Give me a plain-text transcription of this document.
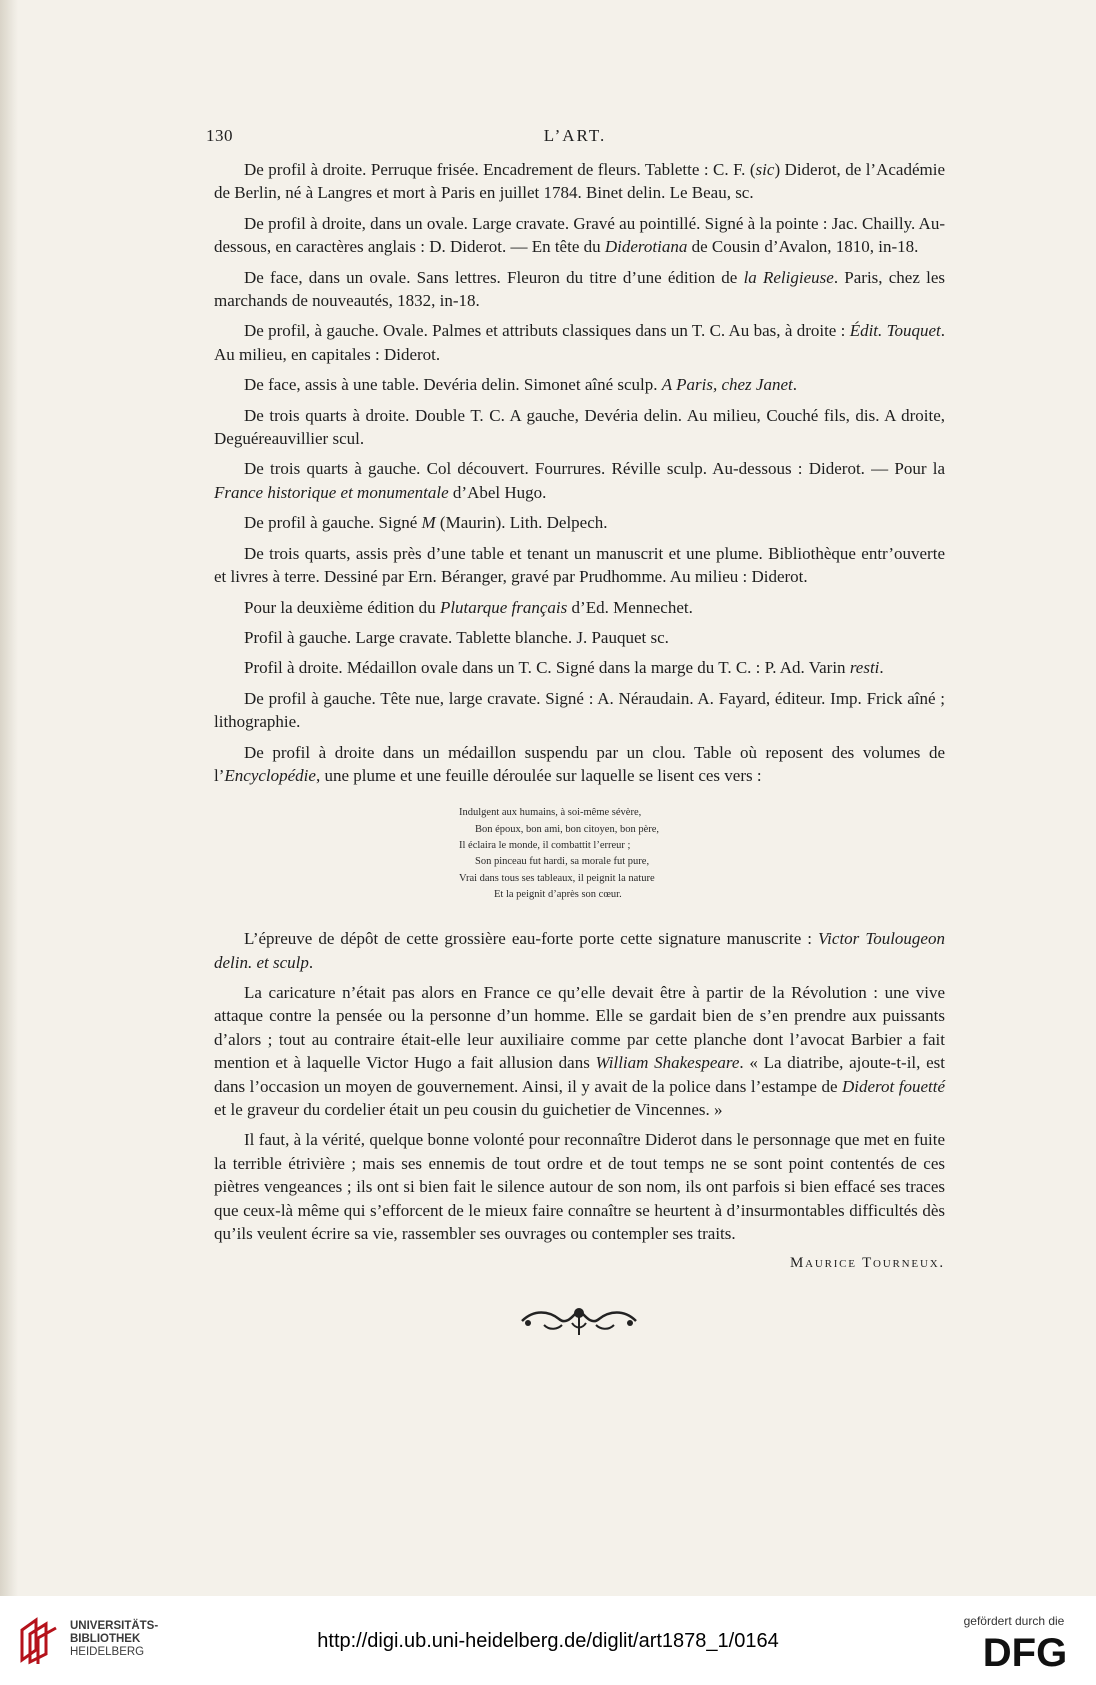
130	L’ART.

De profil à droite. Perruque frisée. Encadrement de fleurs. Tablette : C. F. (sic) Diderot, de l’Académie de Berlin, né à Langres et mort à Paris en juillet 1784. Binet delin. Le Beau, sc.

De profil à droite, dans un ovale. Large cravate. Gravé au pointillé. Signé à la pointe : Jac. Chailly. Au-dessous, en caractères anglais : D. Diderot. — En tête du Diderotiana de Cousin d’Avalon, 1810, in-18.

De face, dans un ovale. Sans lettres. Fleuron du titre d’une édition de la Religieuse. Paris, chez les marchands de nouveautés, 1832, in-18.

De profil, à gauche. Ovale. Palmes et attributs classiques dans un T. C. Au bas, à droite : Édit. Touquet. Au milieu, en capitales : Diderot.

De face, assis à une table. Devéria delin. Simonet aîné sculp. A Paris, chez Janet.

De trois quarts à droite. Double T. C. A gauche, Devéria delin. Au milieu, Couché fils, dis. A droite, Deguéreauvillier scul.

De trois quarts à gauche. Col découvert. Fourrures. Réville sculp. Au-dessous : Diderot. — Pour la France historique et monumentale d’Abel Hugo.

De profil à gauche. Signé M (Maurin). Lith. Delpech.

De trois quarts, assis près d’une table et tenant un manuscrit et une plume. Bibliothèque entr’ouverte et livres à terre. Dessiné par Ern. Béranger, gravé par Prudhomme. Au milieu : Diderot.

Pour la deuxième édition du Plutarque français d’Ed. Mennechet.

Profil à gauche. Large cravate. Tablette blanche. J. Pauquet sc.

Profil à droite. Médaillon ovale dans un T. C. Signé dans la marge du T. C. : P. Ad. Varin resti.

De profil à gauche. Tête nue, large cravate. Signé : A. Néraudain. A. Fayard, éditeur. Imp. Frick aîné ; lithographie.

De profil à droite dans un médaillon suspendu par un clou. Table où reposent des volumes de l’Encyclopédie, une plume et une feuille déroulée sur laquelle se lisent ces vers :

Indulgent aux humains, à soi-même sévère,
Bon époux, bon ami, bon citoyen, bon père,
Il éclaira le monde, il combattit l’erreur ;
Son pinceau fut hardi, sa morale fut pure,
Vrai dans tous ses tableaux, il peignit la nature
Et la peignit d’après son cœur.

L’épreuve de dépôt de cette grossière eau-forte porte cette signature manuscrite : Victor Toulougeon delin. et sculp.

La caricature n’était pas alors en France ce qu’elle devait être à partir de la Révolution : une vive attaque contre la pensée ou la personne d’un homme. Elle se gardait bien de s’en prendre aux puissants d’alors ; tout au contraire était-elle leur auxiliaire comme par cette planche dont l’avocat Barbier a fait mention et à laquelle Victor Hugo a fait allusion dans William Shakespeare. « La diatribe, ajoute-t-il, est dans l’occasion un moyen de gouvernement. Ainsi, il y avait de la police dans l’estampe de Diderot fouetté et le graveur du cordelier était un peu cousin du guichetier de Vincennes. »

Il faut, à la vérité, quelque bonne volonté pour reconnaître Diderot dans le personnage que met en fuite la terrible étrivière ; mais ses ennemis de tout ordre et de tout temps ne se sont point contentés de ces piètres vengeances ; ils ont si bien fait le silence autour de son nom, ils ont parfois si bien effacé ses traces que ceux-là même qui s’efforcent de le mieux faire connaître se heurtent à d’insurmontables difficultés dès qu’ils veulent écrire sa vie, rassembler ses ouvrages ou contempler ses traits.

Maurice Tourneux.
UNIVERSITÄTS-
BIBLIOTHEK
HEIDELBERG	http://digi.ub.uni-heidelberg.de/diglit/art1878_1/0164
gefördert durch die
DFG
